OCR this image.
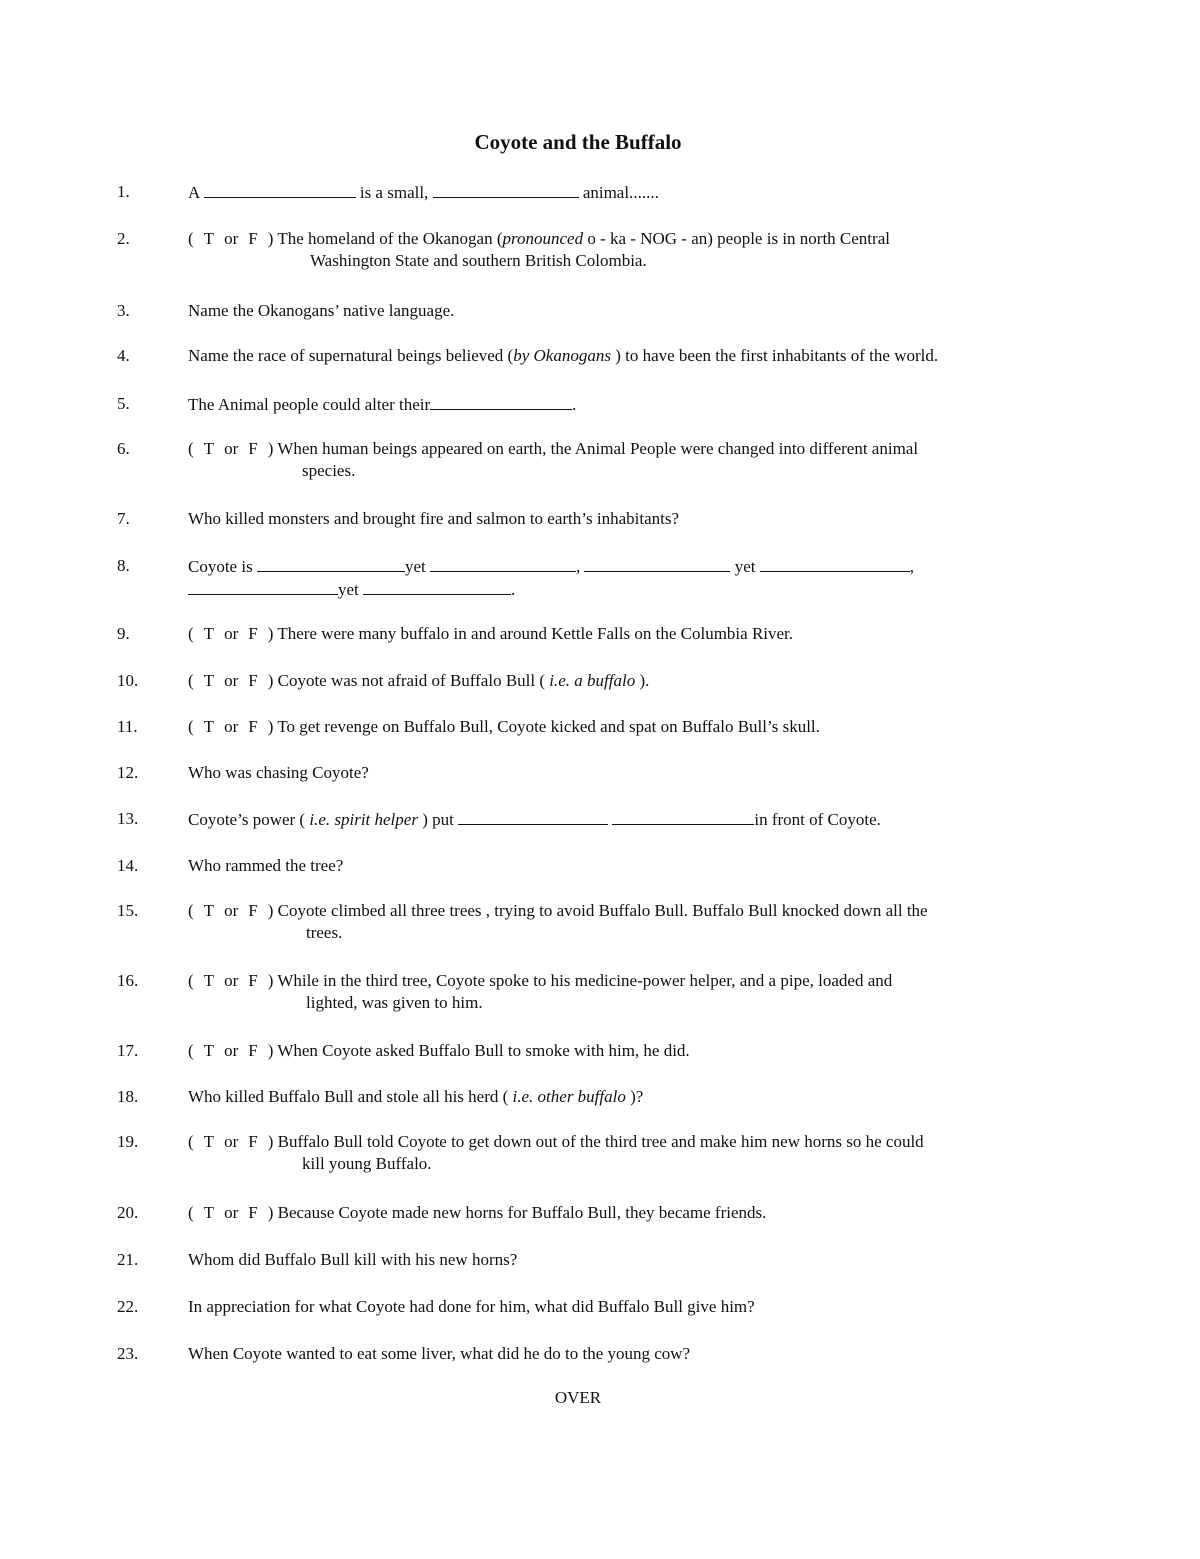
Coyote and the Buffalo
1.	A	is a small,	animal.......
2.	( T or F ) The homeland of the Okanogan (pronounced o - ka - NOG - an) people is in north Central
Washington State and southern British Colombia.
3.	Name the Okanogans’ native language.
4.	Name the race of supernatural beings believed (by Okanogans ) to have been the first inhabitants of the world.
5.	The Animal people could alter their	.
6.	( T or F ) When human beings appeared on earth, the Animal People were changed into different animal
species.
7.	Who killed monsters and brought fire and salmon to earth’s inhabitants?
8.	Coyote is	yet	,	yet	,
yet	.
9.	( T or F ) There were many buffalo in and around Kettle Falls on the Columbia River.
10.	( T or F ) Coyote was not afraid of Buffalo Bull ( i.e. a buffalo ).
11.	( T or F ) To get revenge on Buffalo Bull, Coyote kicked and spat on Buffalo Bull’s skull.
12.	Who was chasing Coyote?
13.	Coyote’s power ( i.e. spirit helper ) put	in front of Coyote.
14.	Who rammed the tree?
15.	( T or F ) Coyote climbed all three trees , trying to avoid Buffalo Bull. Buffalo Bull knocked down all the
trees.
16.	( T or F ) While in the third tree, Coyote spoke to his medicine-power helper, and a pipe, loaded and
lighted, was given to him.
17.	( T or F ) When Coyote asked Buffalo Bull to smoke with him, he did.
18.	Who killed Buffalo Bull and stole all his herd ( i.e. other buffalo )?
19.	( T or F ) Buffalo Bull told Coyote to get down out of the third tree and make him new horns so he could
kill young Buffalo.
20.	( T or F ) Because Coyote made new horns for Buffalo Bull, they became friends.
21.	Whom did Buffalo Bull kill with his new horns?
22.	In appreciation for what Coyote had done for him, what did Buffalo Bull give him?
23.	When Coyote wanted to eat some liver, what did he do to the young cow?
OVER
